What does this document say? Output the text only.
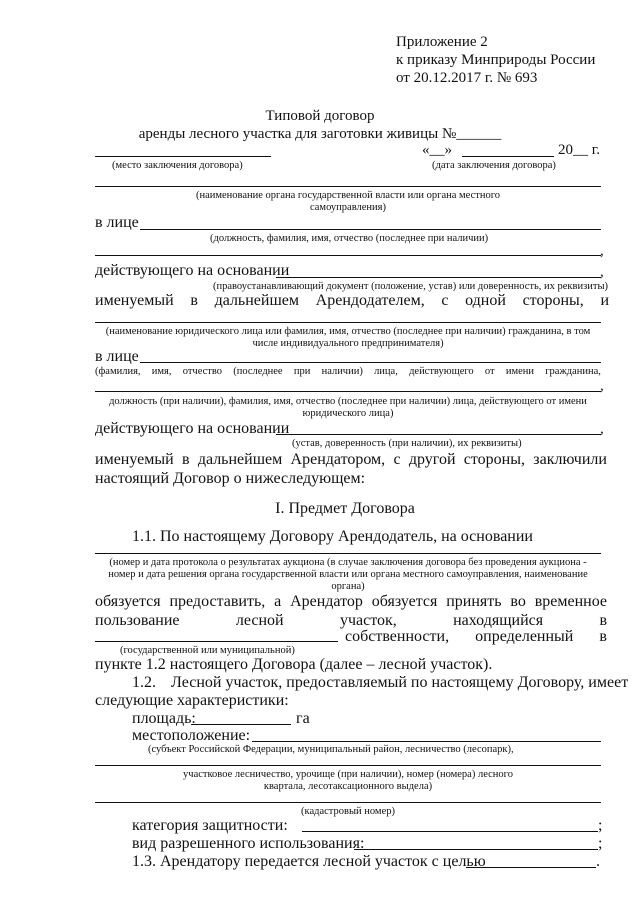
Приложение 2
к приказу Минприроды России
от 20.12.2017 г. № 693
Типовой договор
аренды лесного участка для заготовки живицы №______
«__»	20__ г.
(место заключения договора)	(дата заключения договора)
(наименование органа государственной власти или органа местного
самоуправления)
в лице
(должность, фамилия, имя, отчество (последнее при наличии)
,
действующего на основании	,
(правоустанавливающий документ (положение, устав) или доверенность, их реквизиты)
именуемый в дальнейшем Арендодателем, с одной стороны, и
(наименование юридического лица или фамилия, имя, отчество (последнее при наличии) гражданина, в том
числе индивидуального предпринимателя)
в лице
(фамилия, имя, отчество (последнее при наличии) лица, действующего от имени гражданина,
,
должность (при наличии), фамилия, имя, отчество (последнее при наличии) лица, действующего от имени
юридического лица)
действующего на основании	,
(устав, доверенность (при наличии), их реквизиты)
именуемый в дальнейшем Арендатором, с другой стороны, заключили
настоящий Договор о нижеследующем:
I. Предмет Договора
1.1. По настоящему Договору Арендодатель, на основании
(номер и дата протокола о результатах аукциона (в случае заключения договора без проведения аукциона -
номер и дата решения органа государственной власти или органа местного самоуправления, наименование
органа)
обязуется предоставить, а Арендатор обязуется принять во временное
пользование	лесной	участок,	находящийся	в
собственности, определенный в
(государственной или муниципальной)
пункте 1.2 настоящего Договора (далее – лесной участок).
1.2. Лесной участок, предоставляемый по настоящему Договору, имеет
следующие характеристики:
площадь:	га
местоположение:
(субъект Российской Федерации, муниципальный район, лесничество (лесопарк),
участковое лесничество, урочище (при наличии), номер (номера) лесного
квартала, лесотаксационного выдела)
(кадастровый номер)
категория защитности:	;
вид разрешенного использования:	;
1.3. Арендатору передается лесной участок с целью	.
